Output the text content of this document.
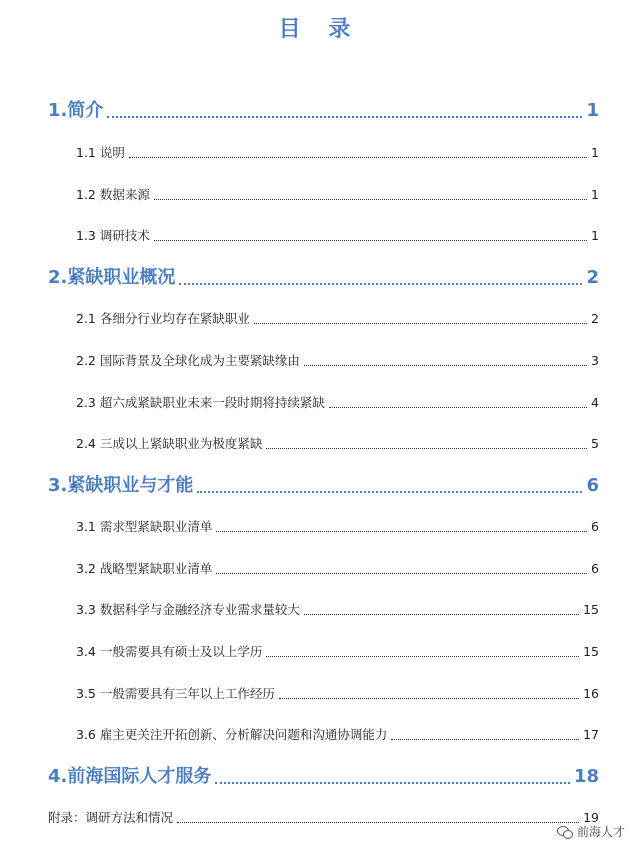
目 录
1.简介	1
1.1 说明	1
1.2 数据来源	1
1.3 调研技术	1
2.紧缺职业概况	2
2.1 各细分行业均存在紧缺职业	2
2.2 国际背景及全球化成为主要紧缺缘由	3
2.3 超六成紧缺职业未来一段时期将持续紧缺	4
2.4 三成以上紧缺职业为极度紧缺	5
3.紧缺职业与才能	6
3.1 需求型紧缺职业清单	6
3.2 战略型紧缺职业清单	6
3.3 数据科学与金融经济专业需求量较大	15
3.4 一般需要具有硕士及以上学历	15
3.5 一般需要具有三年以上工作经历	16
3.6 雇主更关注开拓创新、分析解决问题和沟通协调能力	17
4.前海国际人才服务	18
附录：调研方法和情况	19
前海人才
